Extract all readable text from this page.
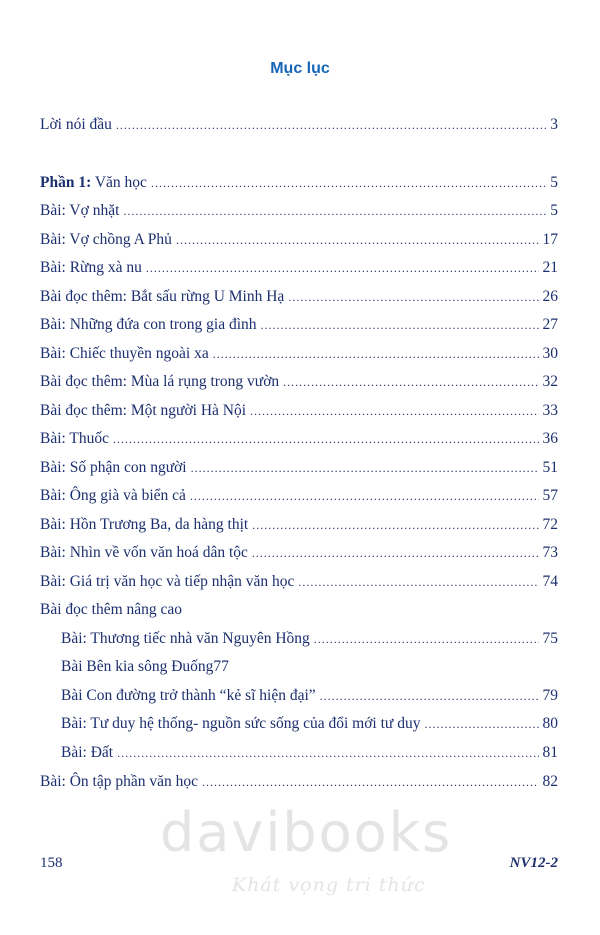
Mục lục
Lời nói đầu .....	3
Phần 1: Văn học .....	5
Bài: Vợ nhặt .....	5
Bài: Vợ chồng A Phủ .....	17
Bài: Rừng xà nu .....	21
Bài đọc thêm: Bắt sấu rừng U Minh Hạ .....	26
Bài: Những đứa con trong gia đình .....	27
Bài: Chiếc thuyền ngoài xa .....	30
Bài đọc thêm: Mùa lá rụng trong vườn .....	32
Bài đọc thêm: Một người Hà Nội .....	33
Bài: Thuốc .....	36
Bài: Số phận con người .....	51
Bài: Ông già và biển cả .....	57
Bài: Hồn Trương Ba, da hàng thịt .....	72
Bài: Nhìn về vốn văn hoá dân tộc .....	73
Bài: Giá trị văn học và tiếp nhận văn học .....	74
Bài đọc thêm nâng cao
Bài: Thương tiếc nhà văn Nguyên Hồng .....	75
Bài Bên kia sông Đuống77
Bài Con đường trở thành “kẻ sĩ hiện đại” .....	79
Bài: Tư duy hệ thống- nguồn sức sống của đổi mới tư duy .....	80
Bài: Đất .....	81
Bài: Ôn tập phần văn học .....	82
davibooks
Khát vọng tri thức
158	NV12-2
